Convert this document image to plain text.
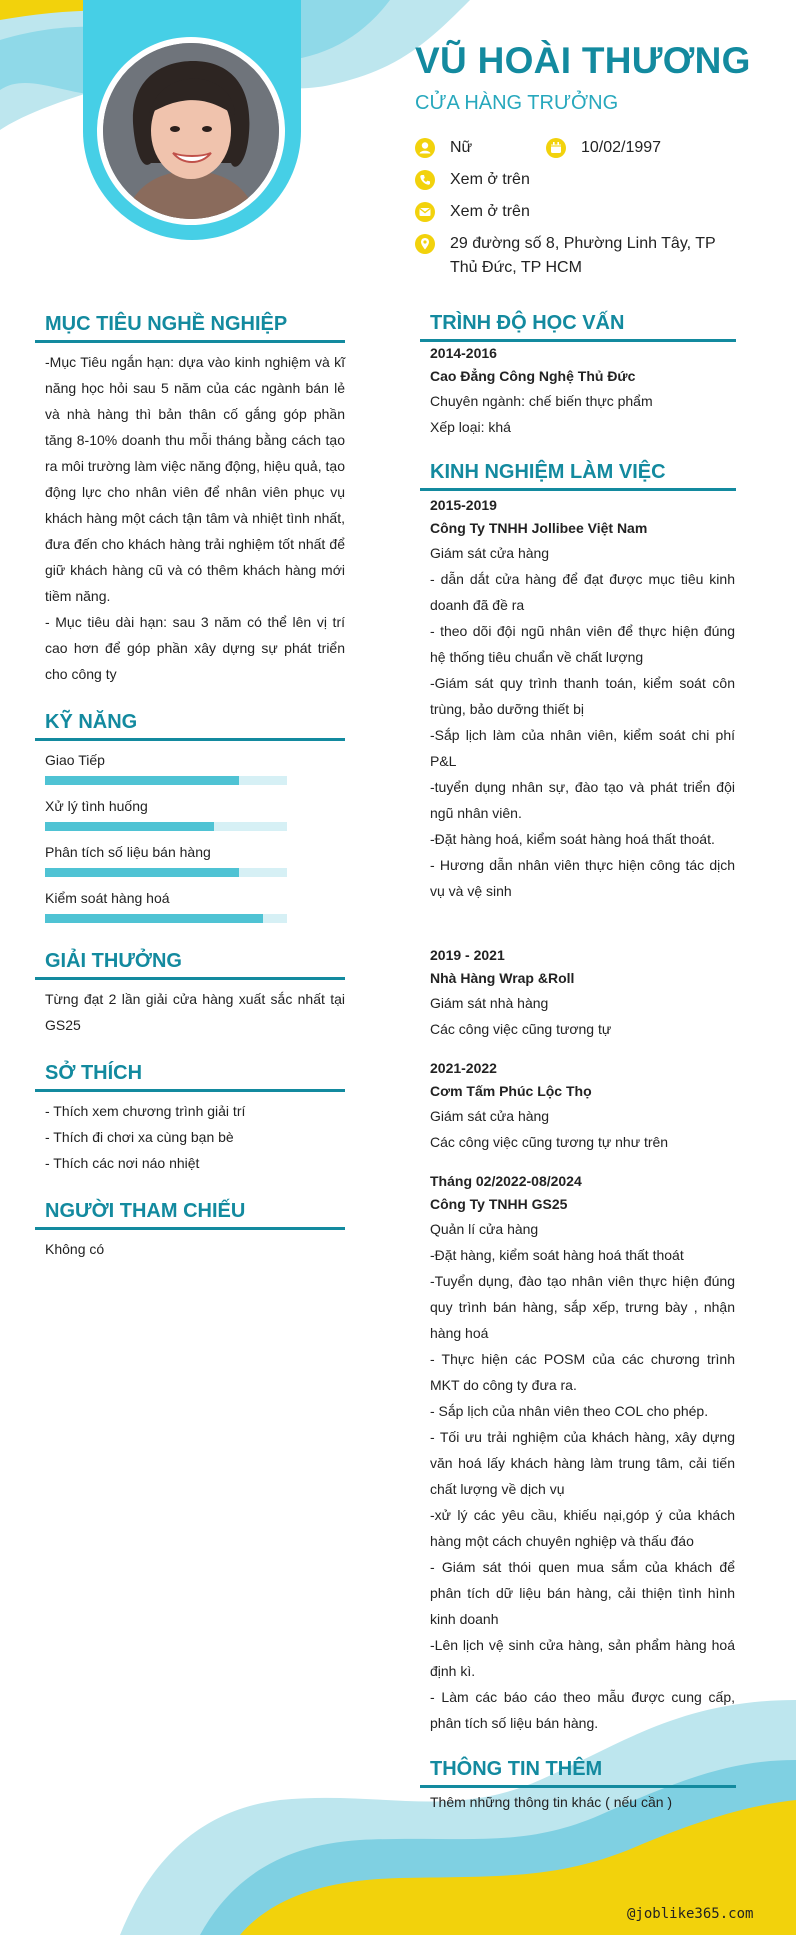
VŨ HOÀI THƯƠNG
CỬA HÀNG TRƯỞNG
Nữ	10/02/1997
Xem ở trên
Xem ở trên
29 đường số 8, Phường Linh Tây, TP Thủ Đức, TP HCM
MỤC TIÊU NGHỀ NGHIỆP

-Mục Tiêu ngắn hạn: dựa vào kinh nghiệm và kĩ năng học hỏi sau 5 năm của các ngành bán lẻ và nhà hàng thì bản thân cố gắng góp phần tăng 8-10% doanh thu mỗi tháng bằng cách tạo ra môi trường làm việc năng động, hiệu quả, tạo động lực cho nhân viên để nhân viên phục vụ khách hàng một cách tận tâm và nhiệt tình nhất, đưa đến cho khách hàng trải nghiệm tốt nhất để giữ khách hàng cũ và có thêm khách hàng mới tiềm năng.

- Mục tiêu dài hạn: sau 3 năm có thể lên vị trí cao hơn để góp phần xây dựng sự phát triển cho công ty

KỸ NĂNG
Giao Tiếp
Xử lý tình huống
Phân tích số liệu bán hàng
Kiểm soát hàng hoá
GIẢI THƯỞNG
Từng đạt 2 lần giải cửa hàng xuất sắc nhất tại GS25
SỞ THÍCH
- Thích xem chương trình giải trí
- Thích đi chơi xa cùng bạn bè
- Thích các nơi náo nhiệt
NGƯỜI THAM CHIẾU
Không có
TRÌNH ĐỘ HỌC VẤN
2014-2016
Cao Đẳng Công Nghệ Thủ Đức
Chuyên ngành: chế biến thực phẩm
Xếp loại: khá
KINH NGHIỆM LÀM VIỆC
2015-2019
Công Ty TNHH Jollibee Việt Nam
Giám sát cửa hàng
- dẫn dắt cửa hàng để đạt được mục tiêu kinh doanh đã đề ra
- theo dõi đội ngũ nhân viên để thực hiện đúng hệ thống tiêu chuẩn về chất lượng
-Giám sát quy trình thanh toán, kiểm soát côn trùng, bảo dưỡng thiết bị
-Sắp lịch làm của nhân viên, kiểm soát chi phí P&L
-tuyển dụng nhân sự, đào tạo và phát triển đội ngũ nhân viên.
-Đặt hàng hoá, kiểm soát hàng hoá thất thoát.
- Hương dẫn nhân viên thực hiện công tác dịch vụ và vệ sinh
2019 - 2021
Nhà Hàng Wrap &Roll
Giám sát nhà hàng
Các công việc cũng tương tự
2021-2022
Cơm Tấm Phúc Lộc Thọ
Giám sát cửa hàng
Các công việc cũng tương tự như trên
Tháng 02/2022-08/2024
Công Ty TNHH GS25
Quản lí cửa hàng
-Đặt hàng, kiểm soát hàng hoá thất thoát
-Tuyển dụng, đào tạo nhân viên thực hiện đúng quy trình bán hàng, sắp xếp, trưng bày , nhận hàng hoá
- Thực hiện các POSM của các chương trình MKT do công ty đưa ra.
- Sắp lịch của nhân viên theo COL cho phép.
- Tối ưu trải nghiệm của khách hàng, xây dựng văn hoá lấy khách hàng làm trung tâm, cải tiến chất lượng về dịch vụ
-xử lý các yêu cầu, khiếu nại,góp ý của khách hàng một cách chuyên nghiệp và thấu đáo
- Giám sát thói quen mua sắm của khách để phân tích dữ liệu bán hàng, cải thiện tình hình kinh doanh
-Lên lịch vệ sinh cửa hàng, sản phẩm hàng hoá định kì.
- Làm các báo cáo theo mẫu được cung cấp, phân tích số liệu bán hàng.
THÔNG TIN THÊM
Thêm những thông tin khác ( nếu cần )
@joblike365.com
